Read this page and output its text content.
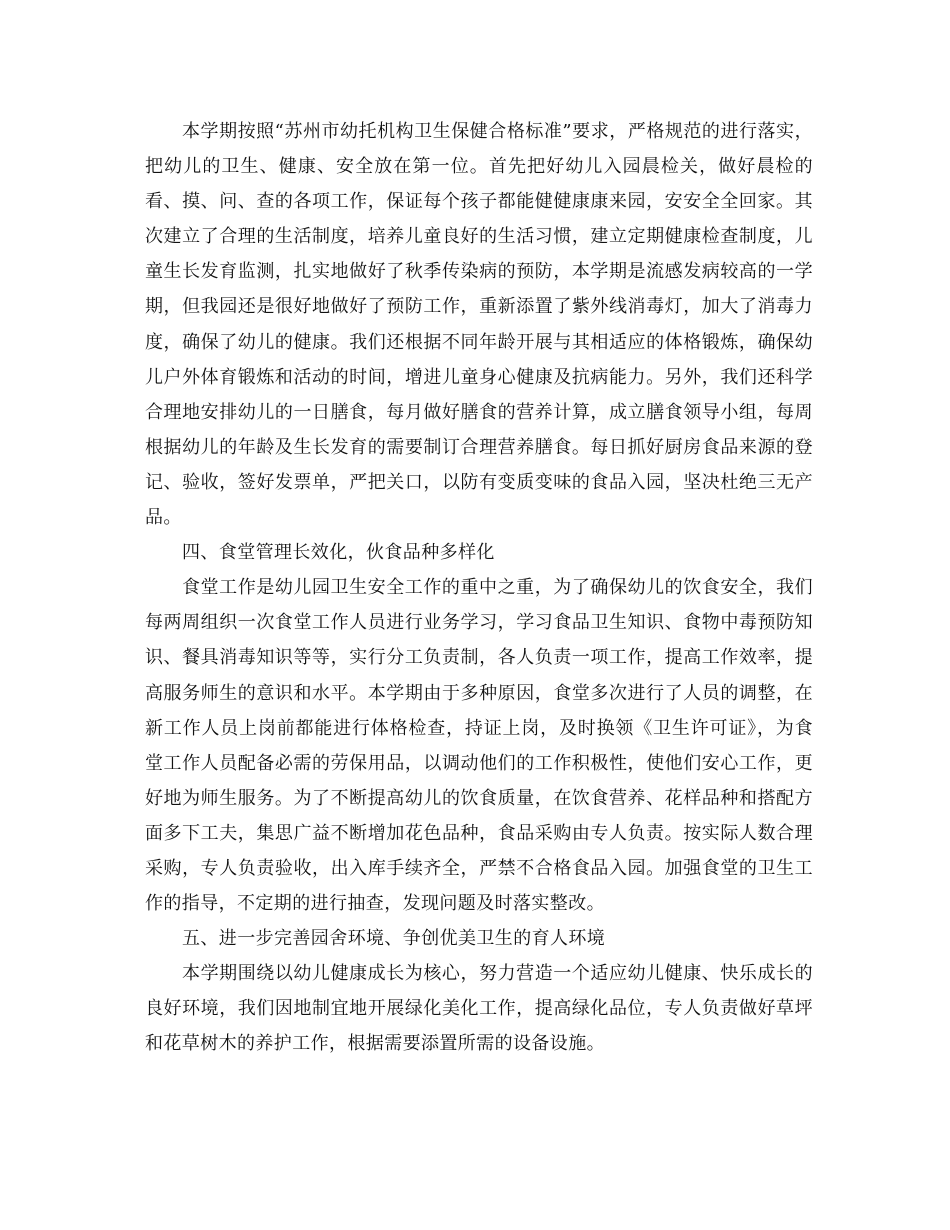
本学期按照“苏州市幼托机构卫生保健合格标准”要求，严格规范的进行落实，把幼儿的卫生、健康、安全放在第一位。首先把好幼儿入园晨检关，做好晨检的看、摸、问、查的各项工作，保证每个孩子都能健健康康来园，安安全全回家。其次建立了合理的生活制度，培养儿童良好的生活习惯，建立定期健康检查制度，儿童生长发育监测，扎实地做好了秋季传染病的预防，本学期是流感发病较高的一学期，但我园还是很好地做好了预防工作，重新添置了紫外线消毒灯，加大了消毒力度，确保了幼儿的健康。我们还根据不同年龄开展与其相适应的体格锻炼，确保幼儿户外体育锻炼和活动的时间，增进儿童身心健康及抗病能力。另外，我们还科学合理地安排幼儿的一日膳食，每月做好膳食的营养计算，成立膳食领导小组，每周根据幼儿的年龄及生长发育的需要制订合理营养膳食。每日抓好厨房食品来源的登记、验收，签好发票单，严把关口，以防有变质变味的食品入园，坚决杜绝三无产品。

四、食堂管理长效化，伙食品种多样化

食堂工作是幼儿园卫生安全工作的重中之重，为了确保幼儿的饮食安全，我们每两周组织一次食堂工作人员进行业务学习，学习食品卫生知识、食物中毒预防知识、餐具消毒知识等等，实行分工负责制，各人负责一项工作，提高工作效率，提高服务师生的意识和水平。本学期由于多种原因，食堂多次进行了人员的调整，在新工作人员上岗前都能进行体格检查，持证上岗，及时换领《卫生许可证》，为食堂工作人员配备必需的劳保用品，以调动他们的工作积极性，使他们安心工作，更好地为师生服务。为了不断提高幼儿的饮食质量，在饮食营养、花样品种和搭配方面多下工夫，集思广益不断增加花色品种，食品采购由专人负责。按实际人数合理采购，专人负责验收，出入库手续齐全，严禁不合格食品入园。加强食堂的卫生工作的指导，不定期的进行抽查，发现问题及时落实整改。

五、进一步完善园舍环境、争创优美卫生的育人环境

本学期围绕以幼儿健康成长为核心，努力营造一个适应幼儿健康、快乐成长的良好环境，我们因地制宜地开展绿化美化工作，提高绿化品位，专人负责做好草坪和花草树木的养护工作，根据需要添置所需的设备设施。
